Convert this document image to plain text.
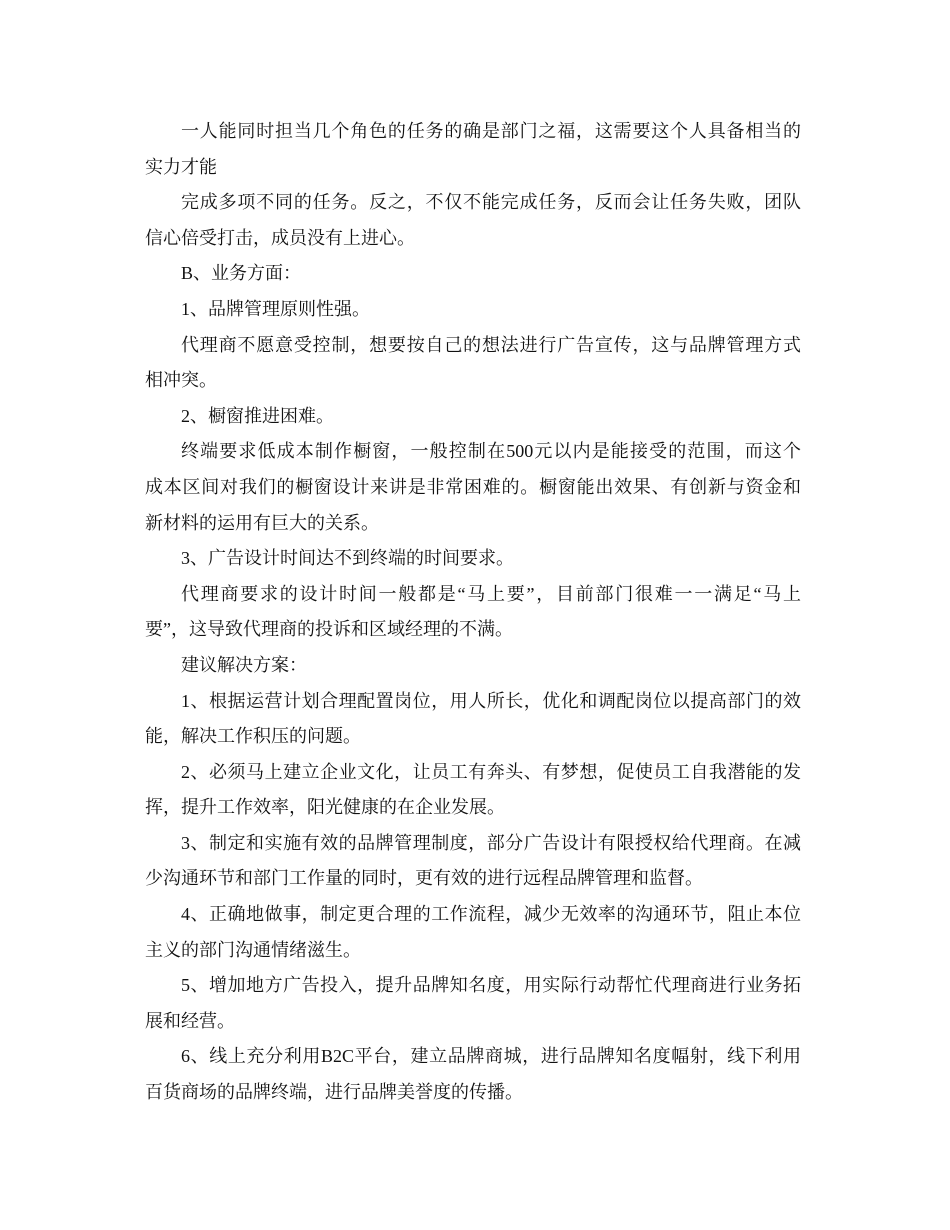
一人能同时担当几个角色的任务的确是部门之福，这需要这个人具备相当的
实力才能
完成多项不同的任务。反之，不仅不能完成任务，反而会让任务失败，团队
信心倍受打击，成员没有上进心。
B、业务方面：
1、品牌管理原则性强。
代理商不愿意受控制，想要按自己的想法进行广告宣传，这与品牌管理方式
相冲突。
2、橱窗推进困难。
终端要求低成本制作橱窗，一般控制在500元以内是能接受的范围，而这个
成本区间对我们的橱窗设计来讲是非常困难的。橱窗能出效果、有创新与资金和
新材料的运用有巨大的关系。
3、广告设计时间达不到终端的时间要求。
代理商要求的设计时间一般都是“马上要”，目前部门很难一一满足“马上
要”，这导致代理商的投诉和区域经理的不满。
建议解决方案：
1、根据运营计划合理配置岗位，用人所长，优化和调配岗位以提高部门的效
能，解决工作积压的问题。
2、必须马上建立企业文化，让员工有奔头、有梦想，促使员工自我潜能的发
挥，提升工作效率，阳光健康的在企业发展。
3、制定和实施有效的品牌管理制度，部分广告设计有限授权给代理商。在减
少沟通环节和部门工作量的同时，更有效的进行远程品牌管理和监督。
4、正确地做事，制定更合理的工作流程，减少无效率的沟通环节，阻止本位
主义的部门沟通情绪滋生。
5、增加地方广告投入，提升品牌知名度，用实际行动帮忙代理商进行业务拓
展和经营。
6、线上充分利用B2C平台，建立品牌商城，进行品牌知名度幅射，线下利用
百货商场的品牌终端，进行品牌美誉度的传播。
